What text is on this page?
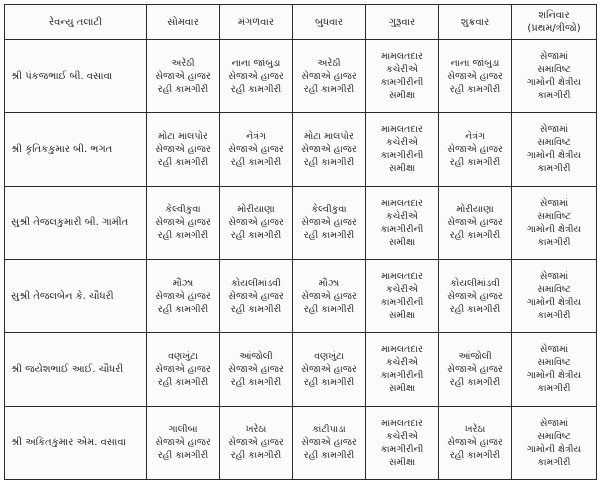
રેવન્યુ તલાટી	સોમવાર	મંગળવાર	બુધવાર	ગુરૂવાર	શુક્રવાર	શનિવાર
(પ્રથમ/ત્રીજો)

શ્રી પંકજભાઈ બી. વસાવા	અરેઠી
સેજાએ હાજર
રહી કામગીરી	નાના જાંબુડા
સેજાએ હાજર
રહી કામગીરી	અરેઠી
સેજાએ હાજર
રહી કામગીરી	મામલતદાર
કચેરીએ
કામગીરીની
સમીક્ષા	નાના જાંબુડા
સેજાએ હાજર
રહી કામગીરી	સેજામાં
સમાવિષ્ટ
ગામોની ક્ષેત્રીય
કામગીરી

શ્રી કૃતિકકુમાર બી. ભગત	મોટા માલપોર
સેજાએ હાજર
રહી કામગીરી	નેત્રંગ
સેજાએ હાજર
રહી કામગીરી	મોટા માલપોર
સેજાએ હાજર
રહી કામગીરી	મામલતદાર
કચેરીએ
કામગીરીની
સમીક્ષા	નેત્રંગ
સેજાએ હાજર
રહી કામગીરી	સેજામાં
સમાવિષ્ટ
ગામોની ક્ષેત્રીય
કામગીરી

સુશ્રી તેજલકુમારી બી. ગામીત	કેલ્વીકુવા
સેજાએ હાજર
રહી કામગીરી	મોરીયાણા
સેજાએ હાજર
રહી કામગીરી	કેલ્વીકુવા
સેજાએ હાજર
રહી કામગીરી	મામલતદાર
કચેરીએ
કામગીરીની
સમીક્ષા	મોરીયાણા
સેજાએ હાજર
રહી કામગીરી	સેજામાં
સમાવિષ્ટ
ગામોની ક્ષેત્રીય
કામગીરી

સુશ્રી તેજલબેન કે. ચૌધરી	મૌઝા
સેજાએ હાજર
રહી કામગીરી	કોયલીમાંડવી
સેજાએ હાજર
રહી કામગીરી	મૌઝા
સેજાએ હાજર
રહી કામગીરી	મામલતદાર
કચેરીએ
કામગીરીની
સમીક્ષા	કોયલીમાંડવી
સેજાએ હાજર
રહી કામગીરી	સેજામાં
સમાવિષ્ટ
ગામોની ક્ષેત્રીય
કામગીરી

શ્રી જયેશભાઈ આઈ. ચૌધરી	વણખુંટા
સેજાએ હાજર
રહી કામગીરી	આંજોલી
સેજાએ હાજર
રહી કામગીરી	વણખુંટા
સેજાએ હાજર
રહી કામગીરી	મામલતદાર
કચેરીએ
કામગીરીની
સમીક્ષા	આંજોલી
સેજાએ હાજર
રહી કામગીરી	સેજામાં
સમાવિષ્ટ
ગામોની ક્ષેત્રીય
કામગીરી

શ્રી અંકિતકુમાર એમ. વસાવા	ગાલીબા
સેજાએ હાજર
રહી કામગીરી	ખરેઠા
સેજાએ હાજર
રહી કામગીરી	કાંટીપાડા
સેજાએ હાજર
રહી કામગીરી	મામલતદાર
કચેરીએ
કામગીરીની
સમીક્ષા	ખરેઠા
સેજાએ હાજર
રહી કામગીરી	સેજામાં
સમાવિષ્ટ
ગામોની ક્ષેત્રીય
કામગીરી
